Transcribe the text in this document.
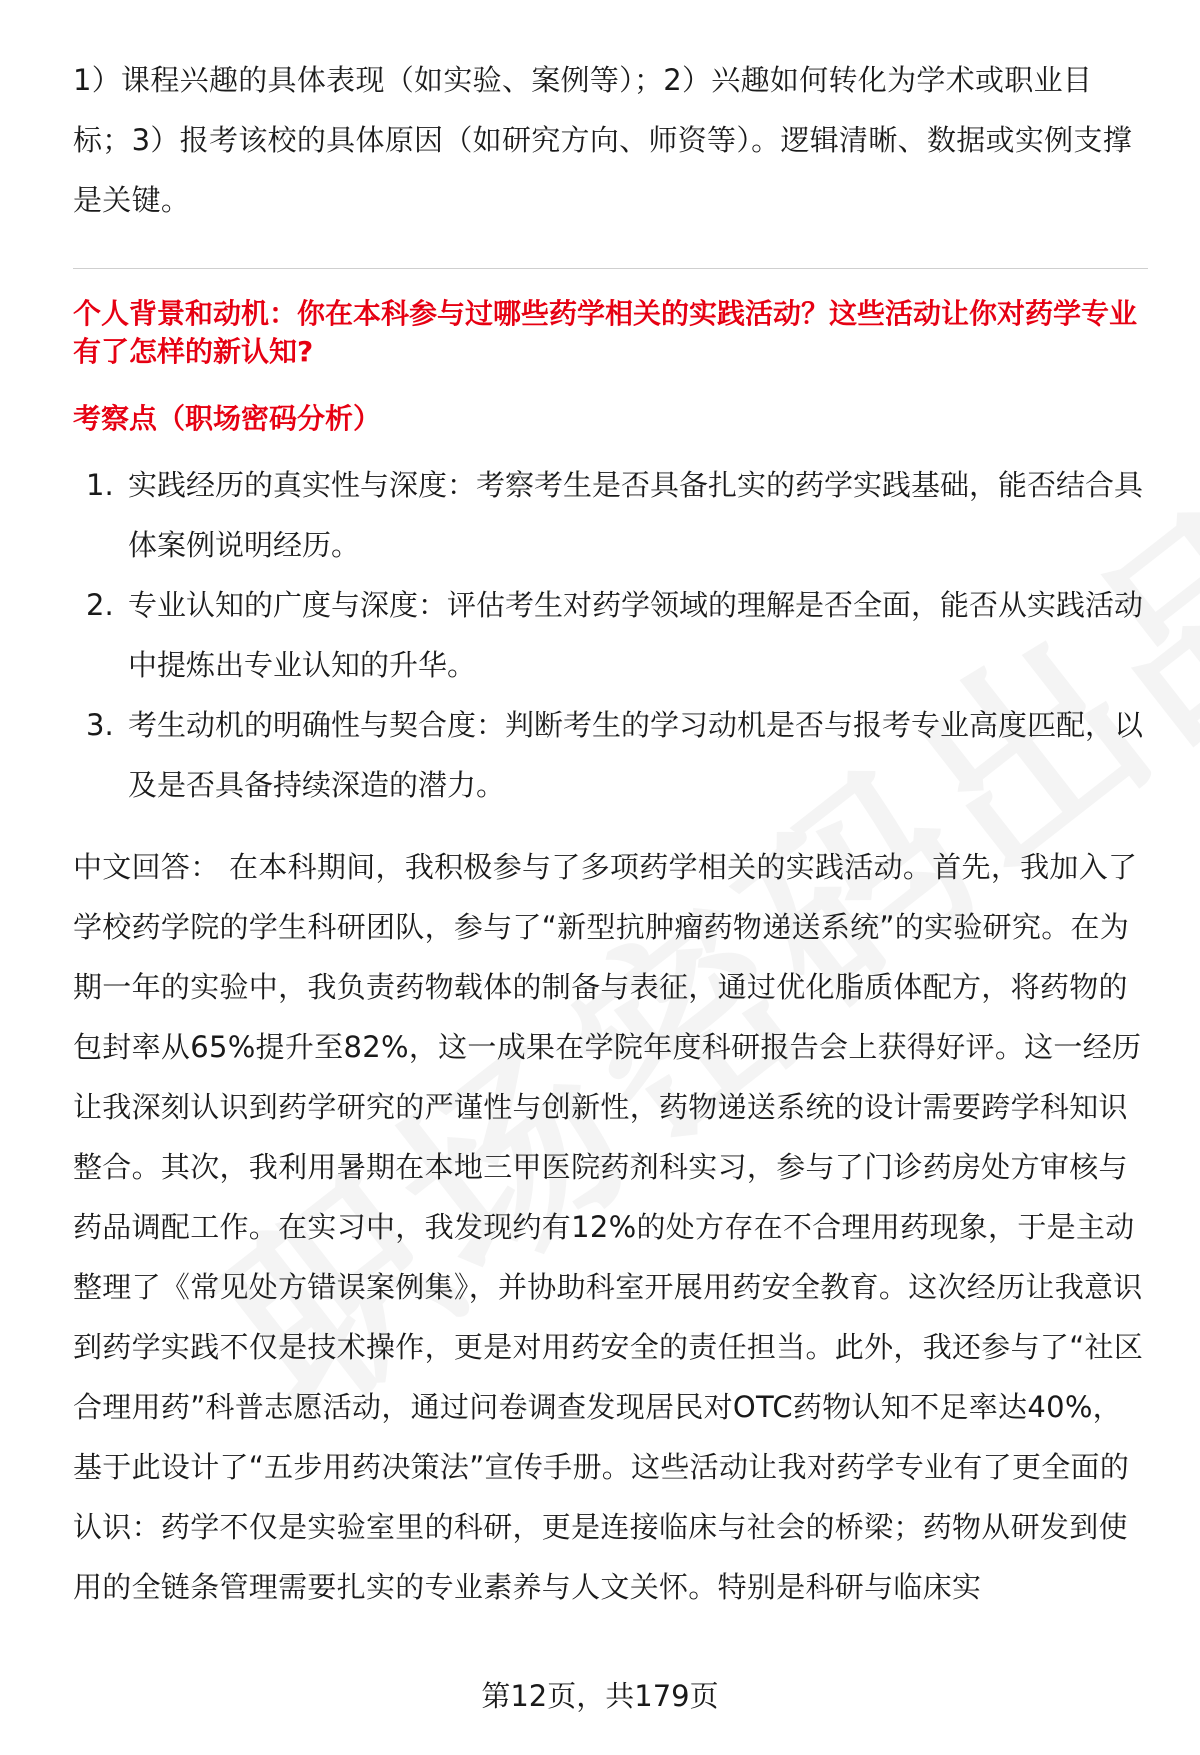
1）课程兴趣的具体表现（如实验、案例等）；2）兴趣如何转化为学术或职业目标；3）报考该校的具体原因（如研究方向、师资等）。逻辑清晰、数据或实例支撑是关键。

个人背景和动机：你在本科参与过哪些药学相关的实践活动？这些活动让你对药学专业有了怎样的新认知?

考察点（职场密码分析）

1. 实践经历的真实性与深度：考察考生是否具备扎实的药学实践基础，能否结合具体案例说明经历。
2. 专业认知的广度与深度：评估考生对药学领域的理解是否全面，能否从实践活动中提炼出专业认知的升华。
3. 考生动机的明确性与契合度：判断考生的学习动机是否与报考专业高度匹配，以及是否具备持续深造的潜力。

中文回答： 在本科期间，我积极参与了多项药学相关的实践活动。首先，我加入了学校药学院的学生科研团队，参与了“新型抗肿瘤药物递送系统”的实验研究。在为期一年的实验中，我负责药物载体的制备与表征，通过优化脂质体配方，将药物的包封率从65%提升至82%，这一成果在学院年度科研报告会上获得好评。这一经历让我深刻认识到药学研究的严谨性与创新性，药物递送系统的设计需要跨学科知识整合。其次，我利用暑期在本地三甲医院药剂科实习，参与了门诊药房处方审核与药品调配工作。在实习中，我发现约有12%的处方存在不合理用药现象，于是主动整理了《常见处方错误案例集》，并协助科室开展用药安全教育。这次经历让我意识到药学实践不仅是技术操作，更是对用药安全的责任担当。此外，我还参与了“社区合理用药”科普志愿活动，通过问卷调查发现居民对OTC药物认知不足率达40%，基于此设计了“五步用药决策法”宣传手册。这些活动让我对药学专业有了更全面的认识：药学不仅是实验室里的科研，更是连接临床与社会的桥梁；药物从研发到使用的全链条管理需要扎实的专业素养与人文关怀。特别是科研与临床实

第12页，共179页
